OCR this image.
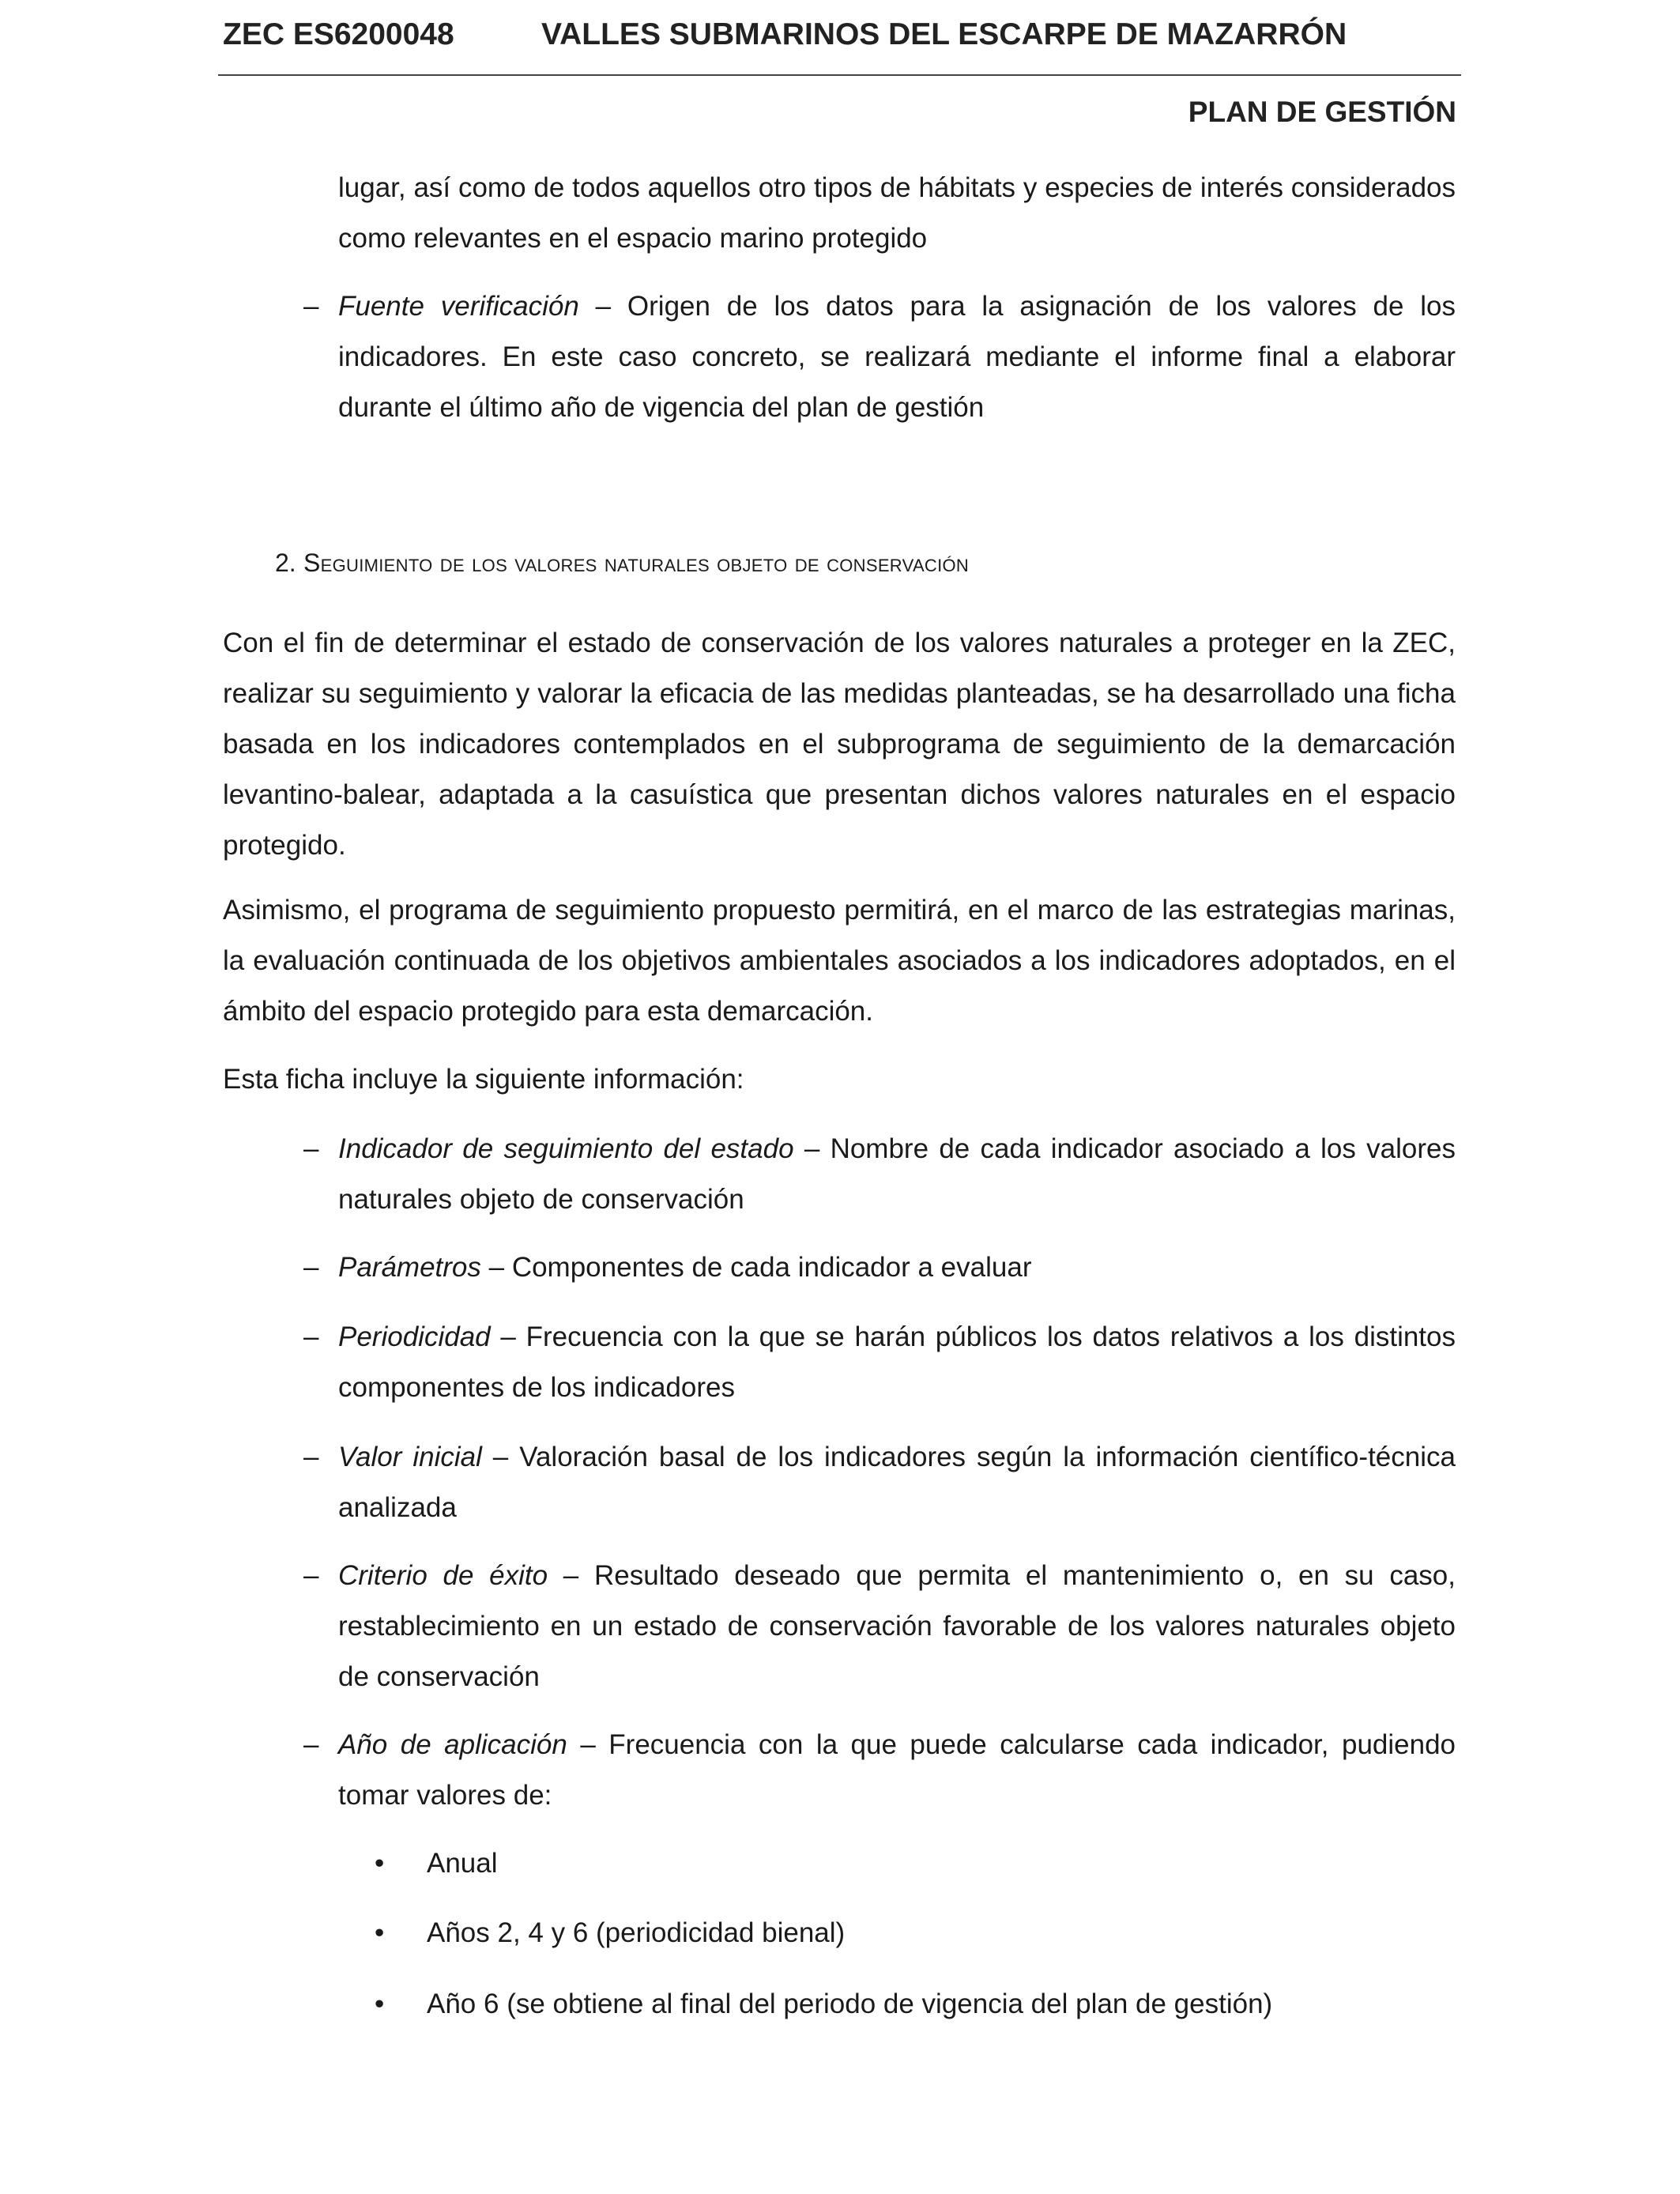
ZEC ES6200048	VALLES SUBMARINOS DEL ESCARPE DE MAZARRÓN
PLAN DE GESTIÓN
lugar, así como de todos aquellos otro tipos de hábitats y especies de interés considerados como relevantes en el espacio marino protegido
– Fuente verificación – Origen de los datos para la asignación de los valores de los indicadores. En este caso concreto, se realizará mediante el informe final a elaborar durante el último año de vigencia del plan de gestión
2. Seguimiento de los valores naturales objeto de conservación
Con el fin de determinar el estado de conservación de los valores naturales a proteger en la ZEC, realizar su seguimiento y valorar la eficacia de las medidas planteadas, se ha desarrollado una ficha basada en los indicadores contemplados en el subprograma de seguimiento de la demarcación levantino-balear, adaptada a la casuística que presentan dichos valores naturales en el espacio protegido.
Asimismo, el programa de seguimiento propuesto permitirá, en el marco de las estrategias marinas, la evaluación continuada de los objetivos ambientales asociados a los indicadores adoptados, en el ámbito del espacio protegido para esta demarcación.
Esta ficha incluye la siguiente información:
– Indicador de seguimiento del estado – Nombre de cada indicador asociado a los valores naturales objeto de conservación
– Parámetros – Componentes de cada indicador a evaluar
– Periodicidad – Frecuencia con la que se harán públicos los datos relativos a los distintos componentes de los indicadores
– Valor inicial – Valoración basal de los indicadores según la información científico-técnica analizada
– Criterio de éxito – Resultado deseado que permita el mantenimiento o, en su caso, restablecimiento en un estado de conservación favorable de los valores naturales objeto de conservación
– Año de aplicación – Frecuencia con la que puede calcularse cada indicador, pudiendo tomar valores de:
•	Anual
•	Años 2, 4 y 6 (periodicidad bienal)
•	Año 6 (se obtiene al final del periodo de vigencia del plan de gestión)
